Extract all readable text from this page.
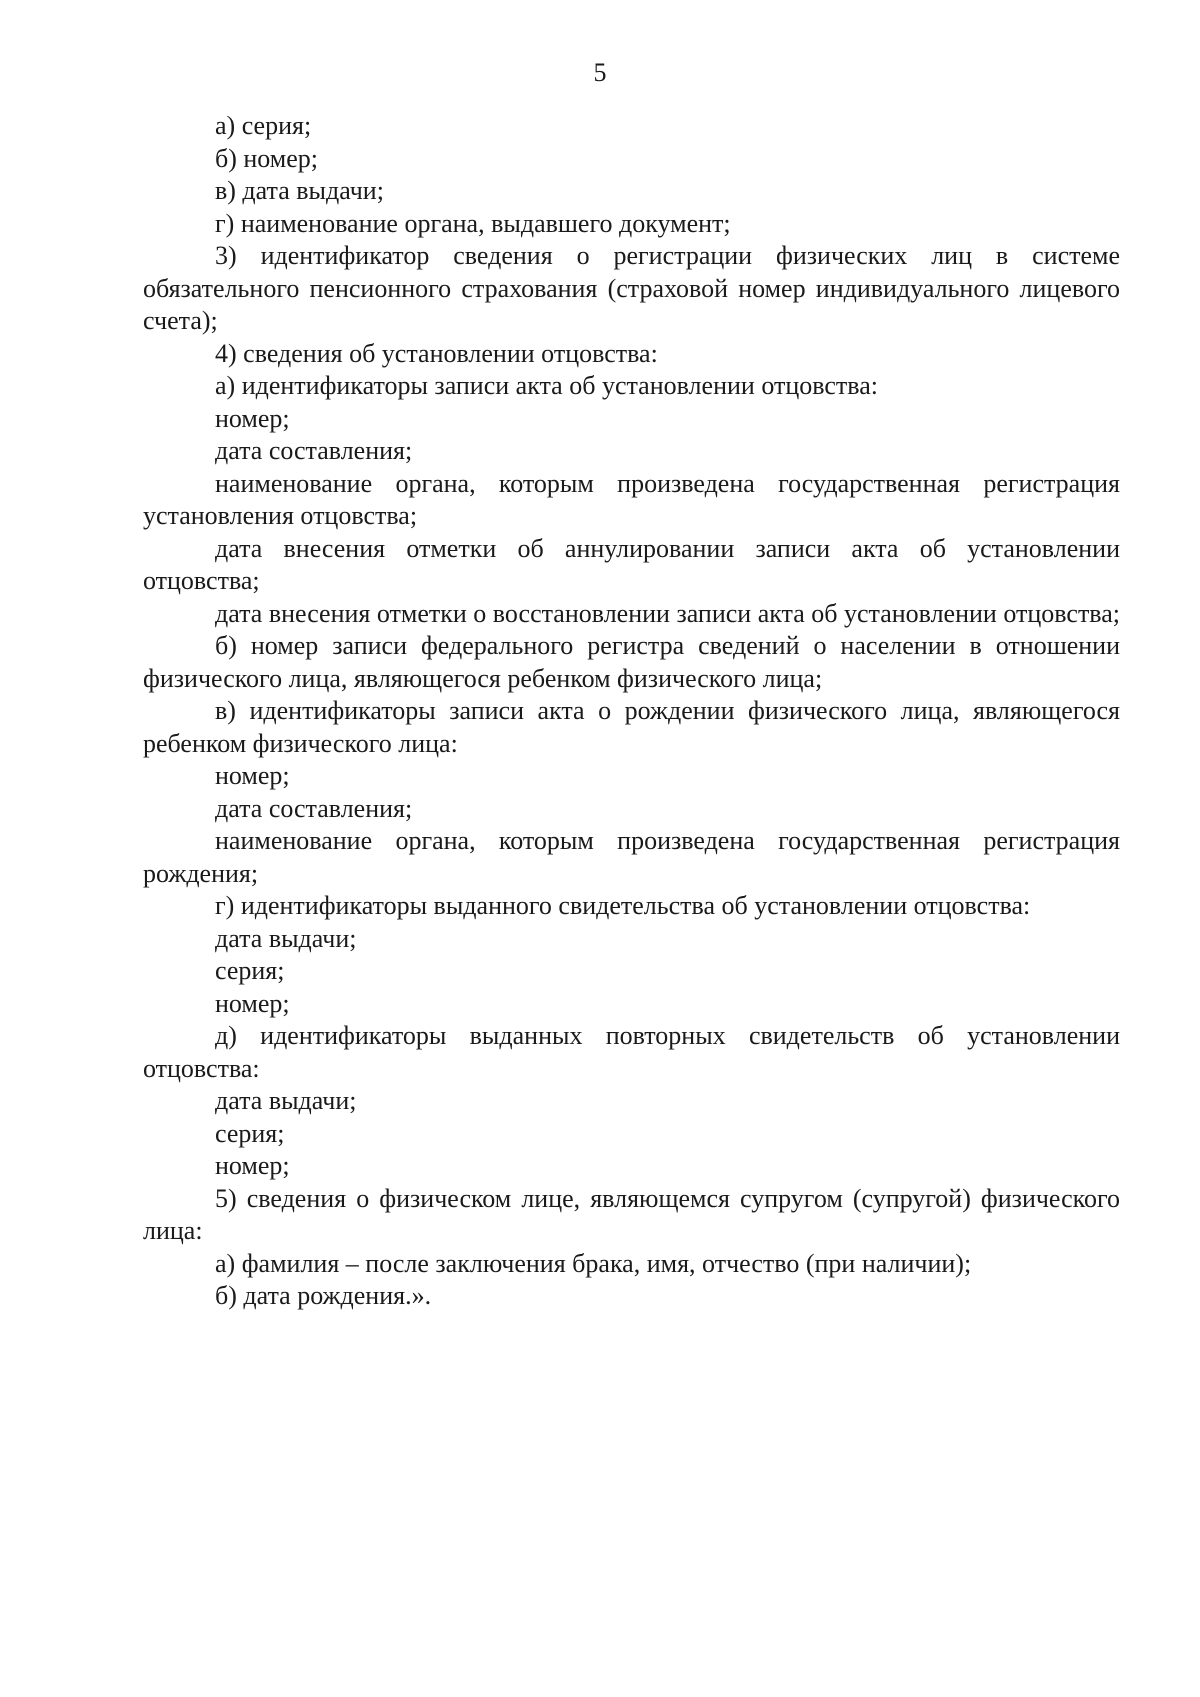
5

а) серия;

б) номер;

в) дата выдачи;

г) наименование органа, выдавшего документ;

3) идентификатор сведения о регистрации физических лиц в системе обязательного пенсионного страхования (страховой номер индивидуального лицевого счета);

4) сведения об установлении отцовства:

а) идентификаторы записи акта об установлении отцовства:

номер;

дата составления;

наименование органа, которым произведена государственная регистрация установления отцовства;

дата внесения отметки об аннулировании записи акта об установлении отцовства;

дата внесения отметки о восстановлении записи акта об установлении отцовства;

б) номер записи федерального регистра сведений о населении в отношении физического лица, являющегося ребенком физического лица;

в) идентификаторы записи акта о рождении физического лица, являющегося ребенком физического лица:

номер;

дата составления;

наименование органа, которым произведена государственная регистрация рождения;

г) идентификаторы выданного свидетельства об установлении отцовства:

дата выдачи;

серия;

номер;

д) идентификаторы выданных повторных свидетельств об установлении отцовства:

дата выдачи;

серия;

номер;

5) сведения о физическом лице, являющемся супругом (супругой) физического лица:

а) фамилия – после заключения брака, имя, отчество (при наличии);

б) дата рождения.».
